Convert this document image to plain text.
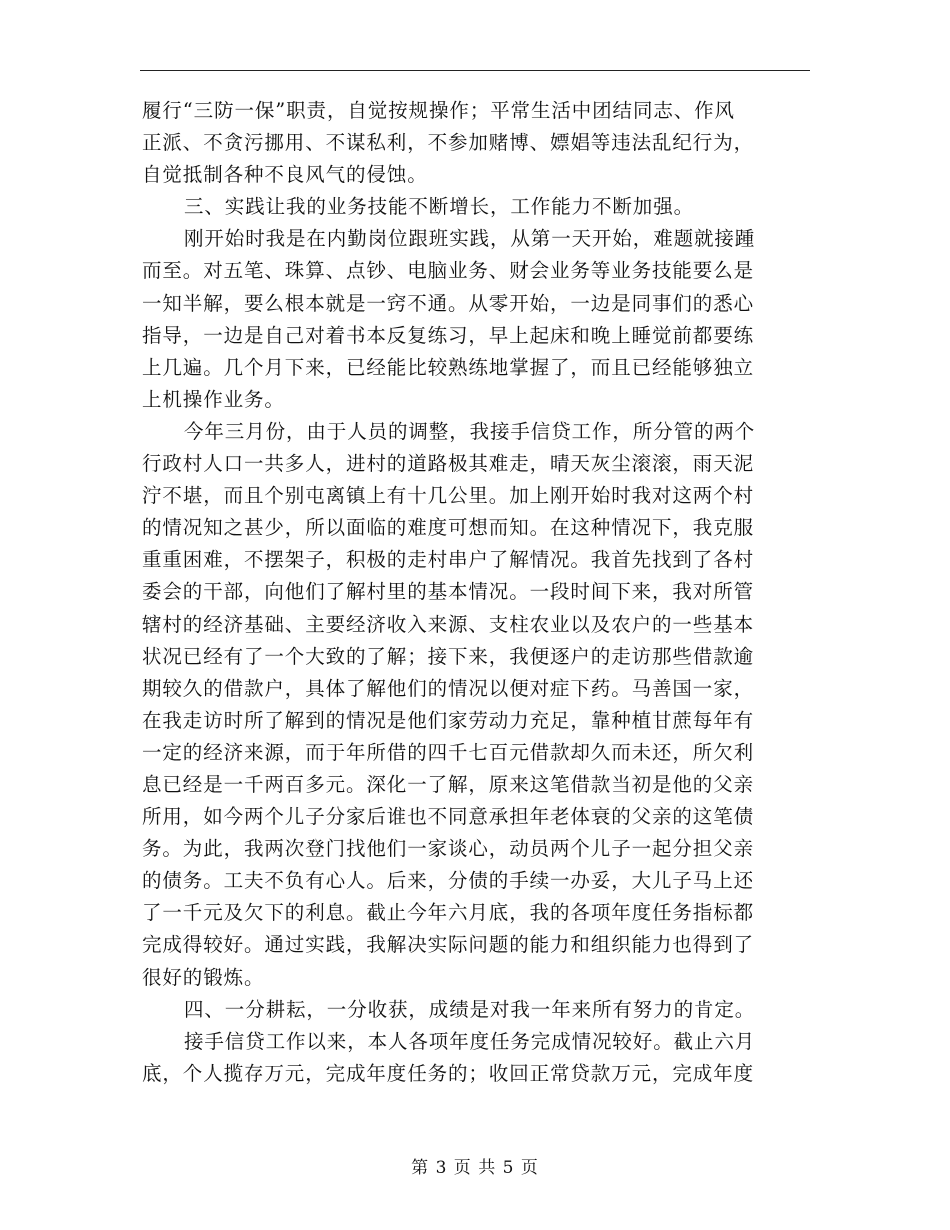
履行“三防一保”职责，自觉按规操作；平常生活中团结同志、作风
正派、不贪污挪用、不谋私利，不参加赌博、嫖娼等违法乱纪行为，
自觉抵制各种不良风气的侵蚀。
三、实践让我的业务技能不断增长，工作能力不断加强。
刚开始时我是在内勤岗位跟班实践，从第一天开始，难题就接踵
而至。对五笔、珠算、点钞、电脑业务、财会业务等业务技能要么是
一知半解，要么根本就是一窍不通。从零开始，一边是同事们的悉心
指导，一边是自己对着书本反复练习，早上起床和晚上睡觉前都要练
上几遍。几个月下来，已经能比较熟练地掌握了，而且已经能够独立
上机操作业务。
今年三月份，由于人员的调整，我接手信贷工作，所分管的两个
行政村人口一共多人，进村的道路极其难走，晴天灰尘滚滚，雨天泥
泞不堪，而且个别屯离镇上有十几公里。加上刚开始时我对这两个村
的情况知之甚少，所以面临的难度可想而知。在这种情况下，我克服
重重困难，不摆架子，积极的走村串户了解情况。我首先找到了各村
委会的干部，向他们了解村里的基本情况。一段时间下来，我对所管
辖村的经济基础、主要经济收入来源、支柱农业以及农户的一些基本
状况已经有了一个大致的了解；接下来，我便逐户的走访那些借款逾
期较久的借款户，具体了解他们的情况以便对症下药。马善国一家，
在我走访时所了解到的情况是他们家劳动力充足，靠种植甘蔗每年有
一定的经济来源，而于年所借的四千七百元借款却久而未还，所欠利
息已经是一千两百多元。深化一了解，原来这笔借款当初是他的父亲
所用，如今两个儿子分家后谁也不同意承担年老体衰的父亲的这笔债
务。为此，我两次登门找他们一家谈心，动员两个儿子一起分担父亲
的债务。工夫不负有心人。后来，分债的手续一办妥，大儿子马上还
了一千元及欠下的利息。截止今年六月底，我的各项年度任务指标都
完成得较好。通过实践，我解决实际问题的能力和组织能力也得到了
很好的锻炼。
四、一分耕耘，一分收获，成绩是对我一年来所有努力的肯定。
接手信贷工作以来，本人各项年度任务完成情况较好。截止六月
底，个人揽存万元，完成年度任务的；收回正常贷款万元，完成年度
第 3 页 共 5 页
